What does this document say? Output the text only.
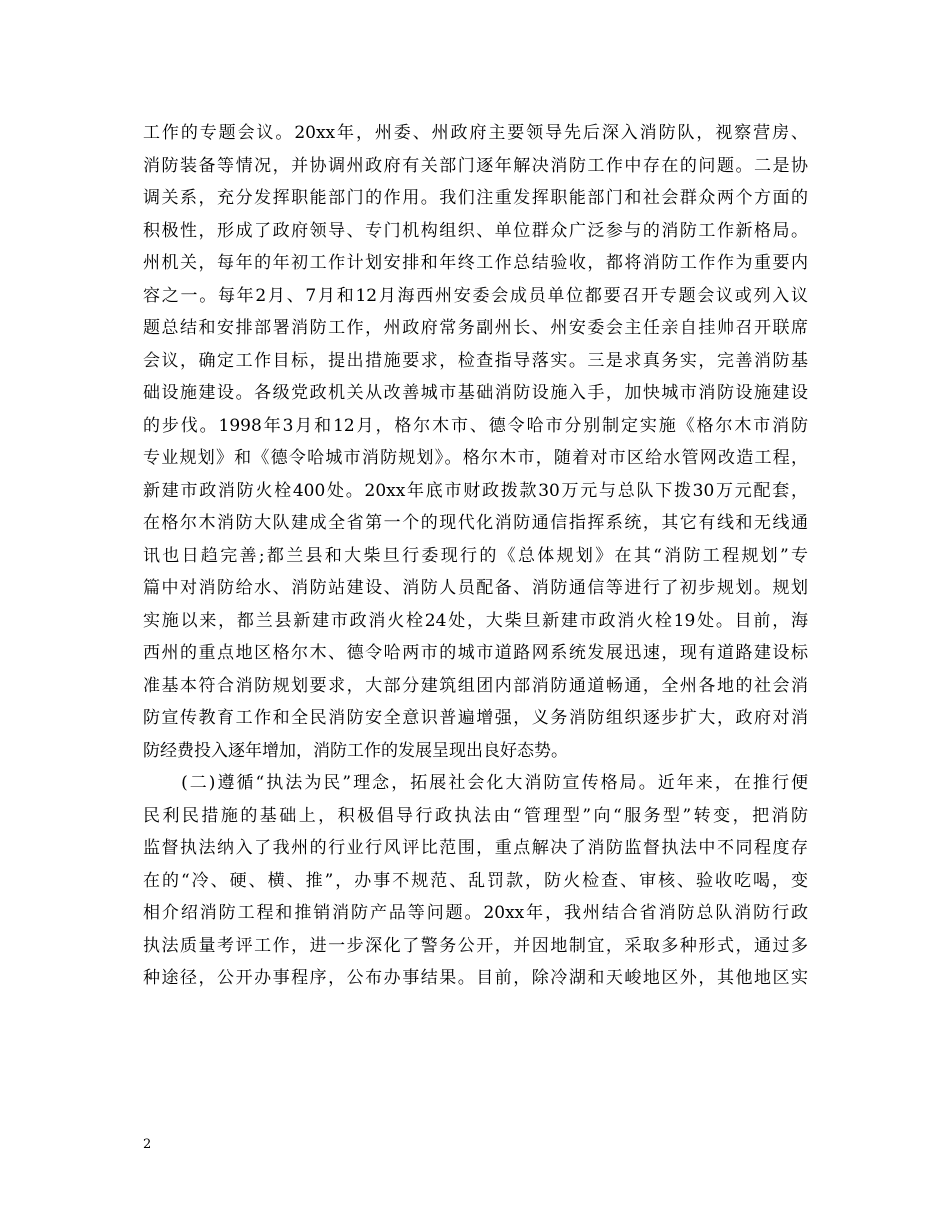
工作的专题会议。20xx年，州委、州政府主要领导先后深入消防队，视察营房、
消防装备等情况，并协调州政府有关部门逐年解决消防工作中存在的问题。二是协
调关系，充分发挥职能部门的作用。我们注重发挥职能部门和社会群众两个方面的
积极性，形成了政府领导、专门机构组织、单位群众广泛参与的消防工作新格局。
州机关，每年的年初工作计划安排和年终工作总结验收，都将消防工作作为重要内
容之一。每年2月、7月和12月海西州安委会成员单位都要召开专题会议或列入议
题总结和安排部署消防工作，州政府常务副州长、州安委会主任亲自挂帅召开联席
会议，确定工作目标，提出措施要求，检查指导落实。三是求真务实，完善消防基
础设施建设。各级党政机关从改善城市基础消防设施入手，加快城市消防设施建设
的步伐。1998年3月和12月，格尔木市、德令哈市分别制定实施《格尔木市消防
专业规划》和《德令哈城市消防规划》。格尔木市，随着对市区给水管网改造工程，
新建市政消防火栓400处。20xx年底市财政拨款30万元与总队下拨30万元配套，
在格尔木消防大队建成全省第一个的现代化消防通信指挥系统，其它有线和无线通
讯也日趋完善;都兰县和大柴旦行委现行的《总体规划》在其“消防工程规划”专
篇中对消防给水、消防站建设、消防人员配备、消防通信等进行了初步规划。规划
实施以来，都兰县新建市政消火栓24处，大柴旦新建市政消火栓19处。目前，海
西州的重点地区格尔木、德令哈两市的城市道路网系统发展迅速，现有道路建设标
准基本符合消防规划要求，大部分建筑组团内部消防通道畅通，全州各地的社会消
防宣传教育工作和全民消防安全意识普遍增强，义务消防组织逐步扩大，政府对消
防经费投入逐年增加，消防工作的发展呈现出良好态势。
　　(二)遵循“执法为民”理念，拓展社会化大消防宣传格局。近年来，在推行便
民利民措施的基础上，积极倡导行政执法由“管理型”向“服务型”转变，把消防
监督执法纳入了我州的行业行风评比范围，重点解决了消防监督执法中不同程度存
在的“冷、硬、横、推”，办事不规范、乱罚款，防火检查、审核、验收吃喝，变
相介绍消防工程和推销消防产品等问题。20xx年，我州结合省消防总队消防行政
执法质量考评工作，进一步深化了警务公开，并因地制宜，采取多种形式，通过多
种途径，公开办事程序，公布办事结果。目前，除冷湖和天峻地区外，其他地区实
2
